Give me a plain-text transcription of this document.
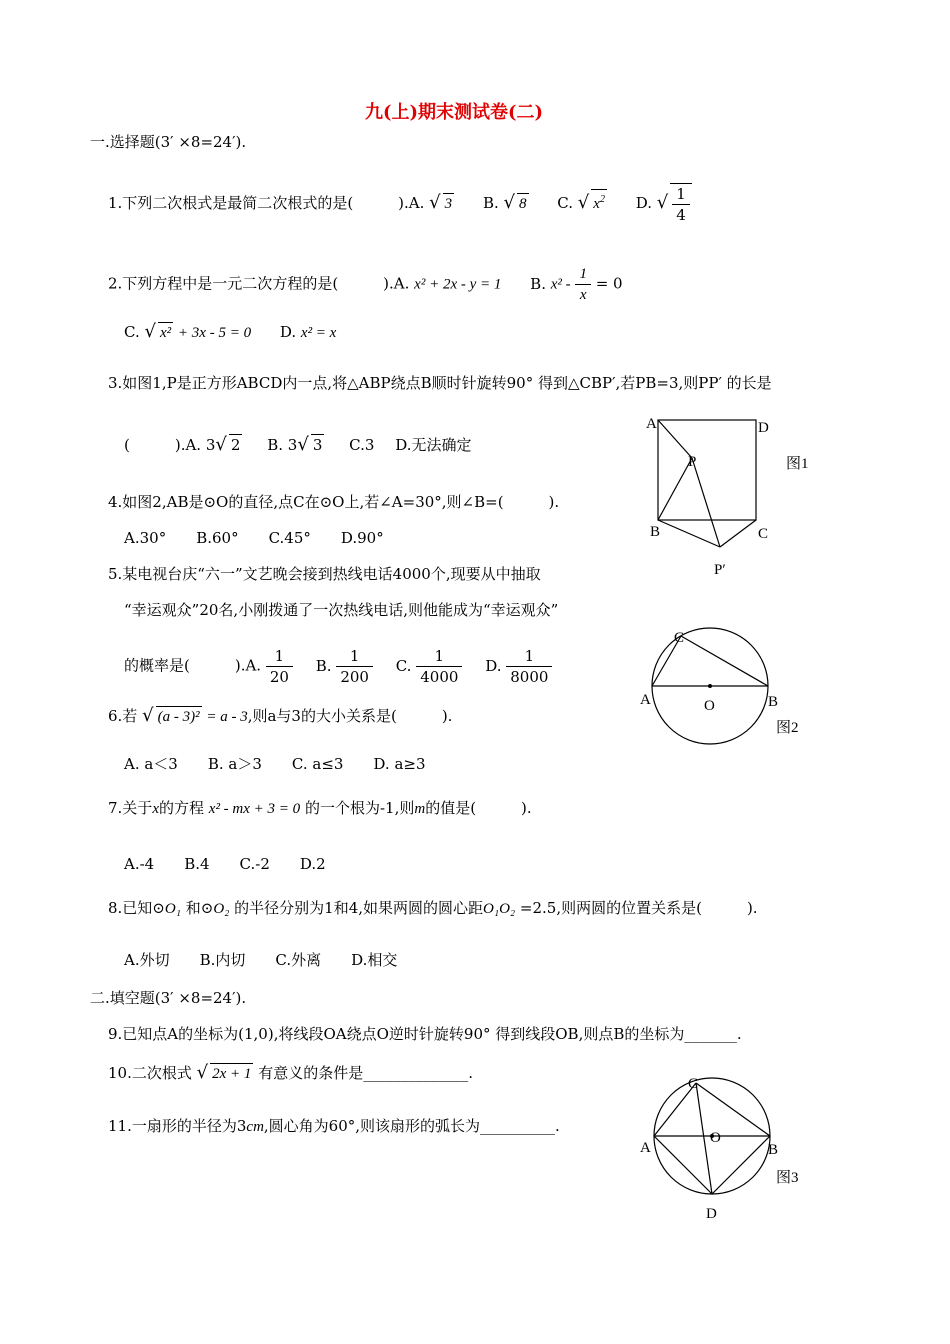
九(上)期末测试卷(二)
一.选择题(3′ ×8=24′).
1.下列二次根式是最简二次根式的是(　　　).A. √ 3 B. √ 8 C. √ $x^2$ D. √ $\frac{1}{4}$
2.下列方程中是一元二次方程的是(　　　).A. x² + 2x - y = 1 B. $x^2 - \frac{1}{x} = 0$
C. √ x² + 3x - 5 = 0 D. x² = x
3.如图1,P是正方形ABCD内一点,将△ABP绕点B顺时针旋转90° 得到△CBP′,若PB=3,则PP′ 的长是
(　　　).A. 3√ 2 B. 3√ 3 C.3 D.无法确定
4.如图2,AB是⊙O的直径,点C在⊙O上,若∠A=30°,则∠B=(　　　).
A.30°　　B.60°　　C.45°　　D.90°
5.某电视台庆“六一”文艺晚会接到热线电话4000个,现要从中抽取
“幸运观众”20名,小刚拨通了一次热线电话,则他能成为“幸运观众”
的概率是(　　　).A. $\frac{1}{20} B$. $\frac{1}{200} C$. $\frac{1}{4000} D$. $\frac{1}{8000}$
6.若 √ (a - 3)² = a - 3,则a与3的大小关系是(　　　).
A. a＜3　　B. a＞3　　C. a≤3　　D. a≥3
7.关于x的方程 x² - mx + 3 = 0 的一个根为-1,则m的值是(　　　).
A.-4　　B.4　　C.-2　　D.2
8.已知⊙O₁ 和⊙O₂ 的半径分别为1和4,如果两圆的圆心距O₁O₂ =2.5,则两圆的位置关系是(　　　).
A.外切　　B.内切　　C.外离　　D.相交
二.填空题(3′ ×8=24′).
9.已知点A的坐标为(1,0),将线段OA绕点O逆时针旋转90° 得到线段OB,则点B的坐标为_______.
10.二次根式 √ 2x + 1 有意义的条件是______________.
11.一扇形的半径为3cm,圆心角为60°,则该扇形的弧长为__________.
A	D
P
B	C
P′
图1
C
A	B
O
图2
C
A	B
O
D
图3
